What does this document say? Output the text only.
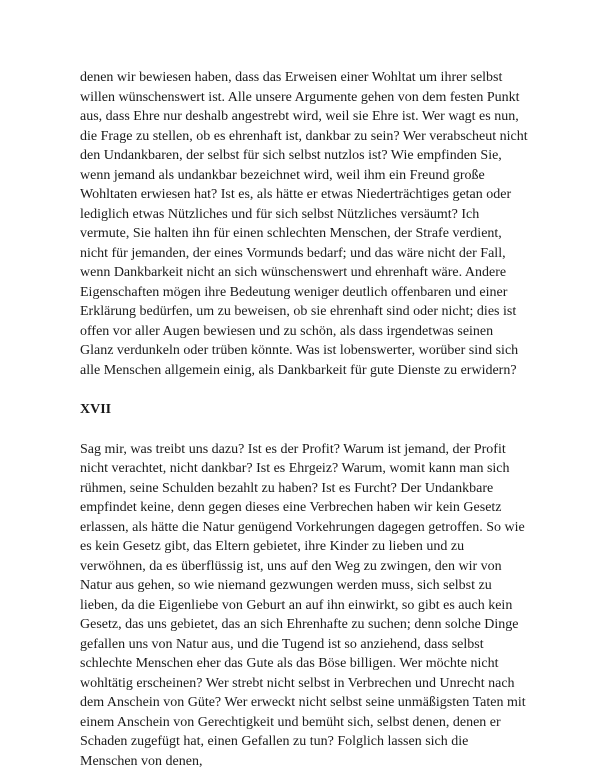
denen wir bewiesen haben, dass das Erweisen einer Wohltat um ihrer selbst willen wünschenswert ist. Alle unsere Argumente gehen von dem festen Punkt aus, dass Ehre nur deshalb angestrebt wird, weil sie Ehre ist. Wer wagt es nun, die Frage zu stellen, ob es ehrenhaft ist, dankbar zu sein? Wer verabscheut nicht den Undankbaren, der selbst für sich selbst nutzlos ist? Wie empfinden Sie, wenn jemand als undankbar bezeichnet wird, weil ihm ein Freund große Wohltaten erwiesen hat? Ist es, als hätte er etwas Niederträchtiges getan oder lediglich etwas Nützliches und für sich selbst Nützliches versäumt? Ich vermute, Sie halten ihn für einen schlechten Menschen, der Strafe verdient, nicht für jemanden, der eines Vormunds bedarf; und das wäre nicht der Fall, wenn Dankbarkeit nicht an sich wünschenswert und ehrenhaft wäre. Andere Eigenschaften mögen ihre Bedeutung weniger deutlich offenbaren und einer Erklärung bedürfen, um zu beweisen, ob sie ehrenhaft sind oder nicht; dies ist offen vor aller Augen bewiesen und zu schön, als dass irgendetwas seinen Glanz verdunkeln oder trüben könnte. Was ist lobenswerter, worüber sind sich alle Menschen allgemein einig, als Dankbarkeit für gute Dienste zu erwidern?

XVII

Sag mir, was treibt uns dazu? Ist es der Profit? Warum ist jemand, der Profit nicht verachtet, nicht dankbar? Ist es Ehrgeiz? Warum, womit kann man sich rühmen, seine Schulden bezahlt zu haben? Ist es Furcht? Der Undankbare empfindet keine, denn gegen dieses eine Verbrechen haben wir kein Gesetz erlassen, als hätte die Natur genügend Vorkehrungen dagegen getroffen. So wie es kein Gesetz gibt, das Eltern gebietet, ihre Kinder zu lieben und zu verwöhnen, da es überflüssig ist, uns auf den Weg zu zwingen, den wir von Natur aus gehen, so wie niemand gezwungen werden muss, sich selbst zu lieben, da die Eigenliebe von Geburt an auf ihn einwirkt, so gibt es auch kein Gesetz, das uns gebietet, das an sich Ehrenhafte zu suchen; denn solche Dinge gefallen uns von Natur aus, und die Tugend ist so anziehend, dass selbst schlechte Menschen eher das Gute als das Böse billigen. Wer möchte nicht wohltätig erscheinen? Wer strebt nicht selbst in Verbrechen und Unrecht nach dem Anschein von Güte? Wer erweckt nicht selbst seine unmäßigsten Taten mit einem Anschein von Gerechtigkeit und bemüht sich, selbst denen, denen er Schaden zugefügt hat, einen Gefallen zu tun? Folglich lassen sich die Menschen von denen,
